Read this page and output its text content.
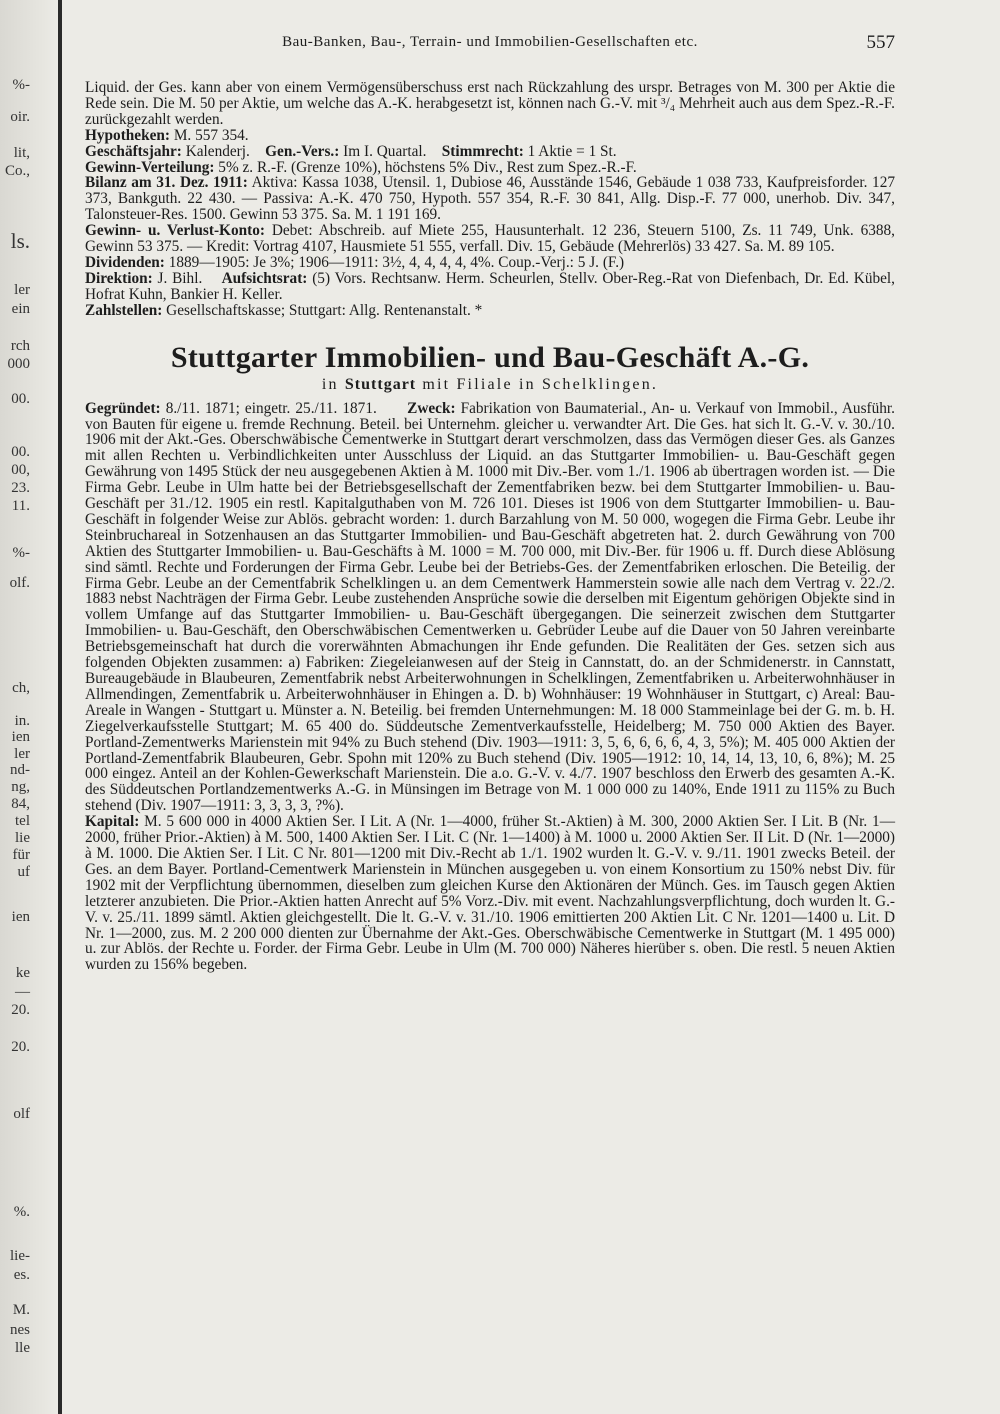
%-
oir.
lit,
Co.,
ls.
ler
ein
rch
000
00.
00.
00,
23.
11.
%-
olf.
ch,
in.
ien
ler
nd-
ng,
84,
tel
lie
für
uf
ien
ke
—
20.
20.
olf
%.
lie-
es.
M.
nes
lle
Bau-Banken, Bau-, Terrain- und Immobilien-Gesellschaften etc.	557

Liquid. der Ges. kann aber von einem Vermögensüberschuss erst nach Rückzahlung des urspr. Betrages von M. 300 per Aktie die Rede sein. Die M. 50 per Aktie, um welche das A.-K. herabgesetzt ist, können nach G.-V. mit ³/₄ Mehrheit auch aus dem Spez.-R.-F. zurückgezahlt werden.

Hypotheken: M. 557 354.

Geschäftsjahr: Kalenderj. Gen.-Vers.: Im I. Quartal. Stimmrecht: 1 Aktie = 1 St.

Gewinn-Verteilung: 5% z. R.-F. (Grenze 10%), höchstens 5% Div., Rest zum Spez.-R.-F.

Bilanz am 31. Dez. 1911: Aktiva: Kassa 1038, Utensil. 1, Dubiose 46, Ausstände 1546, Gebäude 1 038 733, Kaufpreisforder. 127 373, Bankguth. 22 430. — Passiva: A.-K. 470 750, Hypoth. 557 354, R.-F. 30 841, Allg. Disp.-F. 77 000, unerhob. Div. 347, Talonsteuer-Res. 1500. Gewinn 53 375. Sa. M. 1 191 169.

Gewinn- u. Verlust-Konto: Debet: Abschreib. auf Miete 255, Hausunterhalt. 12 236, Steuern 5100, Zs. 11 749, Unk. 6388, Gewinn 53 375. — Kredit: Vortrag 4107, Hausmiete 51 555, verfall. Div. 15, Gebäude (Mehrerlös) 33 427. Sa. M. 89 105.

Dividenden: 1889—1905: Je 3%; 1906—1911: 3½, 4, 4, 4, 4, 4%. Coup.-Verj.: 5 J. (F.)

Direktion: J. Bihl. Aufsichtsrat: (5) Vors. Rechtsanw. Herm. Scheurlen, Stellv. Ober-Reg.-Rat von Diefenbach, Dr. Ed. Kübel, Hofrat Kuhn, Bankier H. Keller.

Zahlstellen: Gesellschaftskasse; Stuttgart: Allg. Rentenanstalt. *

Stuttgarter Immobilien- und Bau-Geschäft A.-G.
in Stuttgart mit Filiale in Schelklingen.

Gegründet: 8./11. 1871; eingetr. 25./11. 1871. Zweck: Fabrikation von Baumaterial., An- u. Verkauf von Immobil., Ausführ. von Bauten für eigene u. fremde Rechnung. Beteil. bei Unternehm. gleicher u. verwandter Art. Die Ges. hat sich lt. G.-V. v. 30./10. 1906 mit der Akt.-Ges. Oberschwäbische Cementwerke in Stuttgart derart verschmolzen, dass das Vermögen dieser Ges. als Ganzes mit allen Rechten u. Verbindlichkeiten unter Ausschluss der Liquid. an das Stuttgarter Immobilien- u. Bau-Geschäft gegen Gewährung von 1495 Stück der neu ausgegebenen Aktien à M. 1000 mit Div.-Ber. vom 1./1. 1906 ab übertragen worden ist. — Die Firma Gebr. Leube in Ulm hatte bei der Betriebsgesellschaft der Zementfabriken bezw. bei dem Stuttgarter Immobilien- u. Bau-Geschäft per 31./12. 1905 ein restl. Kapitalguthaben von M. 726 101. Dieses ist 1906 von dem Stuttgarter Immobilien- u. Bau-Geschäft in folgender Weise zur Ablös. gebracht worden: 1. durch Barzahlung von M. 50 000, wogegen die Firma Gebr. Leube ihr Steinbruchareal in Sotzenhausen an das Stuttgarter Immobilien- und Bau-Geschäft abgetreten hat. 2. durch Gewährung von 700 Aktien des Stuttgarter Immobilien- u. Bau-Geschäfts à M. 1000 = M. 700 000, mit Div.-Ber. für 1906 u. ff. Durch diese Ablösung sind sämtl. Rechte und Forderungen der Firma Gebr. Leube bei der Betriebs-Ges. der Zementfabriken erloschen. Die Beteilig. der Firma Gebr. Leube an der Cementfabrik Schelklingen u. an dem Cementwerk Hammerstein sowie alle nach dem Vertrag v. 22./2. 1883 nebst Nachträgen der Firma Gebr. Leube zustehenden Ansprüche sowie die derselben mit Eigentum gehörigen Objekte sind in vollem Umfange auf das Stuttgarter Immobilien- u. Bau-Geschäft übergegangen. Die seinerzeit zwischen dem Stuttgarter Immobilien- u. Bau-Geschäft, den Oberschwäbischen Cementwerken u. Gebrüder Leube auf die Dauer von 50 Jahren vereinbarte Betriebsgemeinschaft hat durch die vorerwähnten Abmachungen ihr Ende gefunden. Die Realitäten der Ges. setzen sich aus folgenden Objekten zusammen: a) Fabriken: Ziegeleianwesen auf der Steig in Cannstatt, do. an der Schmidenerstr. in Cannstatt, Bureaugebäude in Blaubeuren, Zementfabrik nebst Arbeiterwohnungen in Schelklingen, Zementfabriken u. Arbeiterwohnhäuser in Allmendingen, Zementfabrik u. Arbeiterwohnhäuser in Ehingen a. D. b) Wohnhäuser: 19 Wohnhäuser in Stuttgart, c) Areal: Bau-Areale in Wangen - Stuttgart u. Münster a. N. Beteilig. bei fremden Unternehmungen: M. 18 000 Stammeinlage bei der G. m. b. H. Ziegelverkaufsstelle Stuttgart; M. 65 400 do. Süddeutsche Zementverkaufsstelle, Heidelberg; M. 750 000 Aktien des Bayer. Portland-Zementwerks Marienstein mit 94% zu Buch stehend (Div. 1903—1911: 3, 5, 6, 6, 6, 6, 4, 3, 5%); M. 405 000 Aktien der Portland-Zementfabrik Blaubeuren, Gebr. Spohn mit 120% zu Buch stehend (Div. 1905—1912: 10, 14, 14, 13, 10, 6, 8%); M. 25 000 eingez. Anteil an der Kohlen-Gewerkschaft Marienstein. Die a.o. G.-V. v. 4./7. 1907 beschloss den Erwerb des gesamten A.-K. des Süddeutschen Portlandzementwerks A.-G. in Münsingen im Betrage von M. 1 000 000 zu 140%, Ende 1911 zu 115% zu Buch stehend (Div. 1907—1911: 3, 3, 3, 3, ?%).

Kapital: M. 5 600 000 in 4000 Aktien Ser. I Lit. A (Nr. 1—4000, früher St.-Aktien) à M. 300, 2000 Aktien Ser. I Lit. B (Nr. 1—2000, früher Prior.-Aktien) à M. 500, 1400 Aktien Ser. I Lit. C (Nr. 1—1400) à M. 1000 u. 2000 Aktien Ser. II Lit. D (Nr. 1—2000) à M. 1000. Die Aktien Ser. I Lit. C Nr. 801—1200 mit Div.-Recht ab 1./1. 1902 wurden lt. G.-V. v. 9./11. 1901 zwecks Beteil. der Ges. an dem Bayer. Portland-Cementwerk Marienstein in München ausgegeben u. von einem Konsortium zu 150% nebst Div. für 1902 mit der Verpflichtung übernommen, dieselben zum gleichen Kurse den Aktionären der Münch. Ges. im Tausch gegen Aktien letzterer anzubieten. Die Prior.-Aktien hatten Anrecht auf 5% Vorz.-Div. mit event. Nachzahlungsverpflichtung, doch wurden lt. G.-V. v. 25./11. 1899 sämtl. Aktien gleichgestellt. Die lt. G.-V. v. 31./10. 1906 emittierten 200 Aktien Lit. C Nr. 1201—1400 u. Lit. D Nr. 1—2000, zus. M. 2 200 000 dienten zur Übernahme der Akt.-Ges. Oberschwäbische Cementwerke in Stuttgart (M. 1 495 000) u. zur Ablös. der Rechte u. Forder. der Firma Gebr. Leube in Ulm (M. 700 000) Näheres hierüber s. oben. Die restl. 5 neuen Aktien wurden zu 156% begeben.
